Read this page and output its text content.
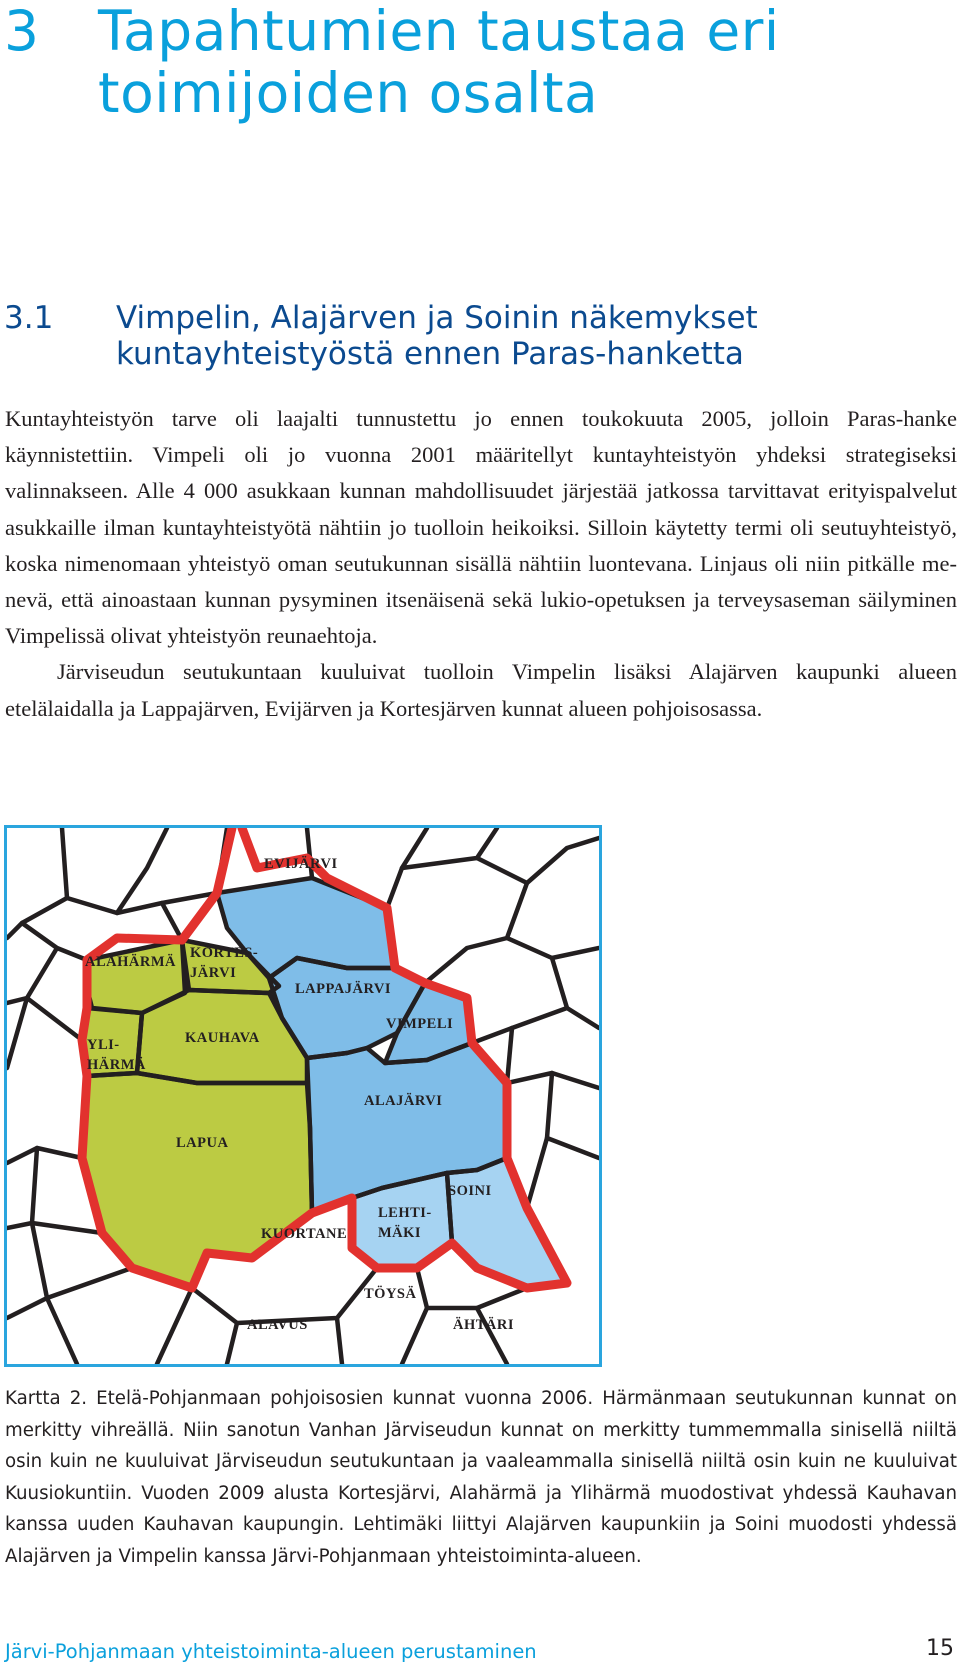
3 Tapahtumien taustaa eri toimijoiden osalta
3.1 Vimpelin, Alajärven ja Soinin näkemykset kuntayhteistyöstä ennen Paras-hanketta

Kuntayhteistyön tarve oli laajalti tunnustettu jo ennen toukokuuta 2005, jolloin Paras-hanke käynnistettiin. Vimpeli oli jo vuonna 2001 määritellyt kuntayhteistyön yhdeksi strategiseksi valinnakseen. Alle 4 000 asukkaan kunnan mahdollisuudet järjestää jatkossa tarvittavat erityispalvelut asukkaille ilman kuntayhteistyötä nähtiin jo tuolloin heikoiksi. Silloin käytetty termi oli seutuyhteistyö, koska nimenomaan yhteistyö oman seutukunnan sisällä nähtiin luontevana. Linjaus oli niin pitkälle menevä, että ainoastaan kunnan pysyminen itsenäisenä sekä lukio-opetuksen ja terveysaseman säilyminen Vimpelissä olivat yhteistyön reunaehtoja.

Järviseudun seutukuntaan kuuluivat tuolloin Vimpelin lisäksi Alajärven kaupunki alueen etelälaidalla ja Lappajärven, Evijärven ja Kortesjärven kunnat alueen pohjoisosassa.

EVIJÄRVI
ALAHÄRMÄ
KORTES-
JÄRVI
LAPPAJÄRVI
VIMPELI
YLI-
HÄRMÄ
KAUHAVA
ALAJÄRVI
LAPUA
SOINI
LEHTI-
MÄKI
KUORTANE
TÖYSÄ
ALAVUS	ÄHTÄRI

Kartta 2. Etelä-Pohjanmaan pohjoisosien kunnat vuonna 2006. Härmänmaan seutukunnan kunnat on merkitty vihreällä. Niin sanotun Vanhan Järviseudun kunnat on merkitty tummemmalla sinisellä niiltä osin kuin ne kuuluivat Järviseudun seutukuntaan ja vaaleammalla sinisellä niiltä osin kuin ne kuuluivat Kuusiokuntiin. Vuoden 2009 alusta Kortesjärvi, Alahärmä ja Ylihärmä muodostivat yhdessä Kauhavan kanssa uuden Kauhavan kaupungin. Lehtimäki liittyi Alajärven kaupunkiin ja Soini muodosti yhdessä Alajärven ja Vimpelin kanssa Järvi-Pohjanmaan yhteistoiminta-alueen.

Järvi-Pohjanmaan yhteistoiminta-alueen perustaminen	15
